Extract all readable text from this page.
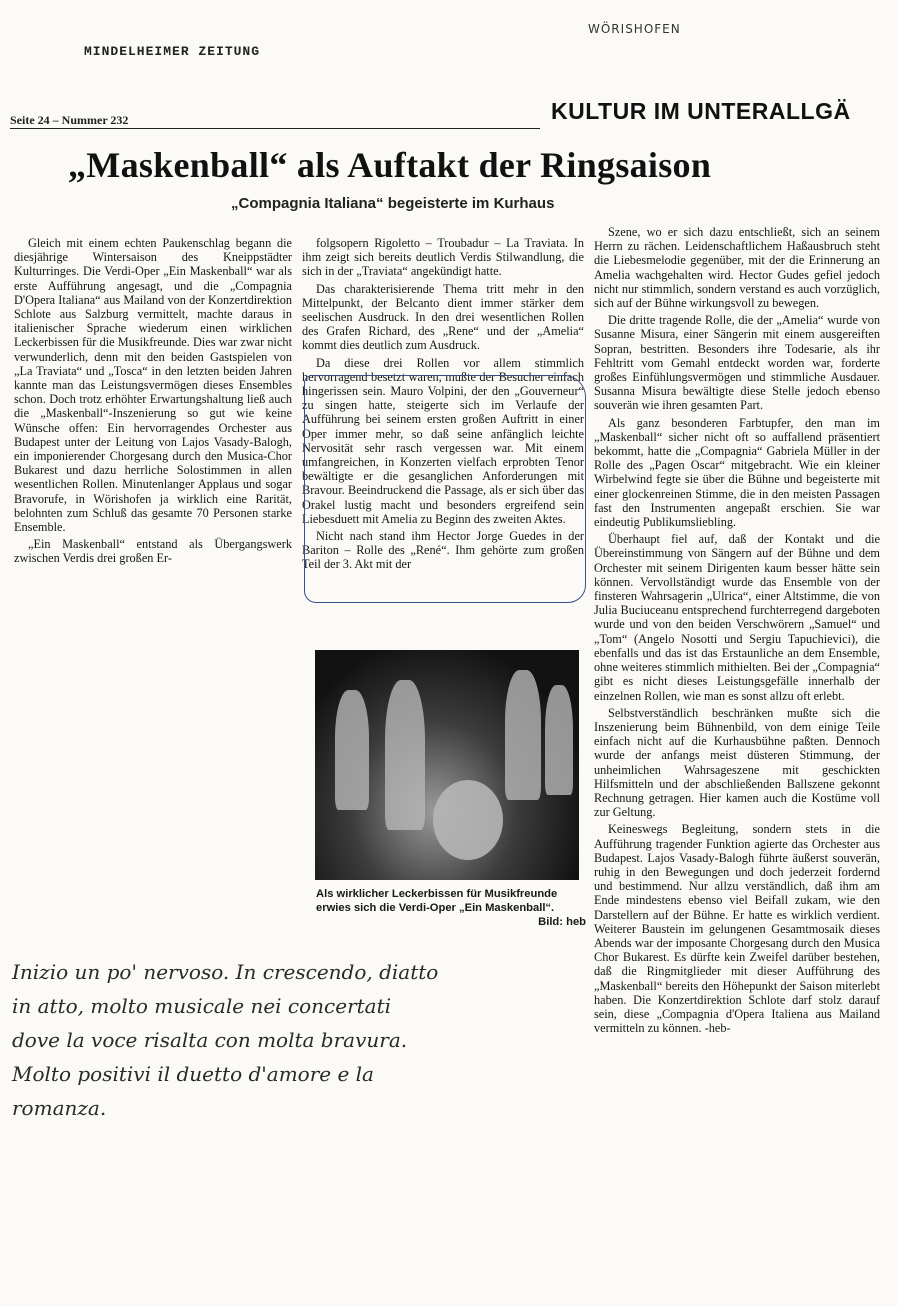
MINDELHEIMER ZEITUNG
WÖRISHOFEN
Seite 24 – Nummer 232	KULTUR IM UNTERALLGÄ
„Maskenball“ als Auftakt der Ringsaison
„Compagnia Italiana“ begeisterte im Kurhaus

Gleich mit einem echten Paukenschlag begann die diesjährige Wintersaison des Kneippstädter Kulturringes. Die Verdi-Oper „Ein Maskenball“ war als erste Aufführung angesagt, und die „Compagnia D'Opera Italiana“ aus Mailand von der Konzertdirektion Schlote aus Salzburg vermittelt, machte daraus in italienischer Sprache wiederum einen wirklichen Leckerbissen für die Musikfreunde. Dies war zwar nicht verwunderlich, denn mit den beiden Gastspielen von „La Traviata“ und „Tosca“ in den letzten beiden Jahren kannte man das Leistungsvermögen dieses Ensembles schon. Doch trotz erhöhter Erwartungshaltung ließ auch die „Maskenball“-Inszenierung so gut wie keine Wünsche offen: Ein hervorragendes Orchester aus Budapest unter der Leitung von Lajos Vasady-Balogh, ein imponierender Chorgesang durch den Musica-Chor Bukarest und dazu herrliche Solostimmen in allen wesentlichen Rollen. Minutenlanger Applaus und sogar Bravorufe, in Wörishofen ja wirklich eine Rarität, belohnten zum Schluß das gesamte 70 Personen starke Ensemble.

„Ein Maskenball“ entstand als Übergangswerk zwischen Verdis drei großen Er-

folgsopern Rigoletto – Troubadur – La Traviata. In ihm zeigt sich bereits deutlich Verdis Stilwandlung, die sich in der „Traviata“ angekündigt hatte.

Das charakterisierende Thema tritt mehr in den Mittelpunkt, der Belcanto dient immer stärker dem seelischen Ausdruck. In den drei wesentlichen Rollen des Grafen Richard, des „Rene“ und der „Amelia“ kommt dies deutlich zum Ausdruck.

Da diese drei Rollen vor allem stimmlich hervorragend besetzt waren, mußte der Besucher einfach hingerissen sein. Mauro Volpini, der den „Gouverneur“ zu singen hatte, steigerte sich im Verlaufe der Aufführung bei seinem ersten großen Auftritt in einer Oper immer mehr, so daß seine anfänglich leichte Nervosität sehr rasch vergessen war. Mit einem umfangreichen, in Konzerten vielfach erprobten Tenor bewältigte er die gesanglichen Anforderungen mit Bravour. Beeindruckend die Passage, als er sich über das Orakel lustig macht und besonders ergreifend sein Liebesduett mit Amelia zu Beginn des zweiten Aktes.

Nicht nach stand ihm Hector Jorge Guedes in der Bariton – Rolle des „René“. Ihm gehörte zum großen Teil der 3. Akt mit der

Als wirklicher Leckerbissen für Musikfreunde erwies sich die Verdi-Oper „Ein Maskenball“.
Bild: heb

Szene, wo er sich dazu entschließt, sich an seinem Herrn zu rächen. Leidenschaftlichem Haßausbruch steht die Liebesmelodie gegenüber, mit der die Erinnerung an Amelia wachgehalten wird. Hector Gudes gefiel jedoch nicht nur stimmlich, sondern verstand es auch vorzüglich, sich auf der Bühne wirkungsvoll zu bewegen.

Die dritte tragende Rolle, die der „Amelia“ wurde von Susanne Misura, einer Sängerin mit einem ausgereiften Sopran, bestritten. Besonders ihre Todesarie, als ihr Fehltritt vom Gemahl entdeckt worden war, forderte großes Einfühlungsvermögen und stimmliche Ausdauer. Susanna Misura bewältigte diese Stelle jedoch ebenso souverän wie ihren gesamten Part.

Als ganz besonderen Farbtupfer, den man im „Maskenball“ sicher nicht oft so auffallend präsentiert bekommt, hatte die „Compagnia“ Gabriela Müller in der Rolle des „Pagen Oscar“ mitgebracht. Wie ein kleiner Wirbelwind fegte sie über die Bühne und begeisterte mit einer glockenreinen Stimme, die in den meisten Passagen fast den Instrumenten angepaßt erschien. Sie war eindeutig Publikumsliebling.

Überhaupt fiel auf, daß der Kontakt und die Übereinstimmung von Sängern auf der Bühne und dem Orchester mit seinem Dirigenten kaum besser hätte sein können. Vervollständigt wurde das Ensemble von der finsteren Wahrsagerin „Ulrica“, einer Altstimme, die von Julia Buciuceanu entsprechend furchterregend dargeboten wurde und von den beiden Verschwörern „Samuel“ und „Tom“ (Angelo Nosotti und Sergiu Tapuchievici), die ebenfalls und das ist das Erstaunliche an dem Ensemble, ohne weiteres stimmlich mithielten. Bei der „Compagnia“ gibt es nicht dieses Leistungsgefälle innerhalb der einzelnen Rollen, wie man es sonst allzu oft erlebt.

Selbstverständlich beschränken mußte sich die Inszenierung beim Bühnenbild, von dem einige Teile einfach nicht auf die Kurhausbühne paßten. Dennoch wurde der anfangs meist düsteren Stimmung, der unheimlichen Wahrsageszene mit geschickten Hilfsmitteln und der abschließenden Ballszene gekonnt Rechnung getragen. Hier kamen auch die Kostüme voll zur Geltung.

Keineswegs Begleitung, sondern stets in die Aufführung tragender Funktion agierte das Orchester aus Budapest. Lajos Vasady-Balogh führte äußerst souverän, ruhig in den Bewegungen und doch jederzeit fordernd und bestimmend. Nur allzu verständlich, daß ihm am Ende mindestens ebenso viel Beifall zukam, wie den Darstellern auf der Bühne. Er hatte es wirklich verdient. Weiterer Baustein im gelungenen Gesamtmosaik dieses Abends war der imposante Chorgesang durch den Musica Chor Bukarest. Es dürfte kein Zweifel darüber bestehen, daß die Ringmitglieder mit dieser Aufführung des „Maskenball“ bereits den Höhepunkt der Saison miterlebt haben. Die Konzertdirektion Schlote darf stolz darauf sein, diese „Compagnia d'Opera Italiena aus Mailand vermitteln zu können. -heb-

Inizio un po' nervoso. In crescendo, diatto
in atto, molto musicale nei concertati
dove la voce risalta con molta bravura.
Molto positivi il duetto d'amore e la
romanza.
